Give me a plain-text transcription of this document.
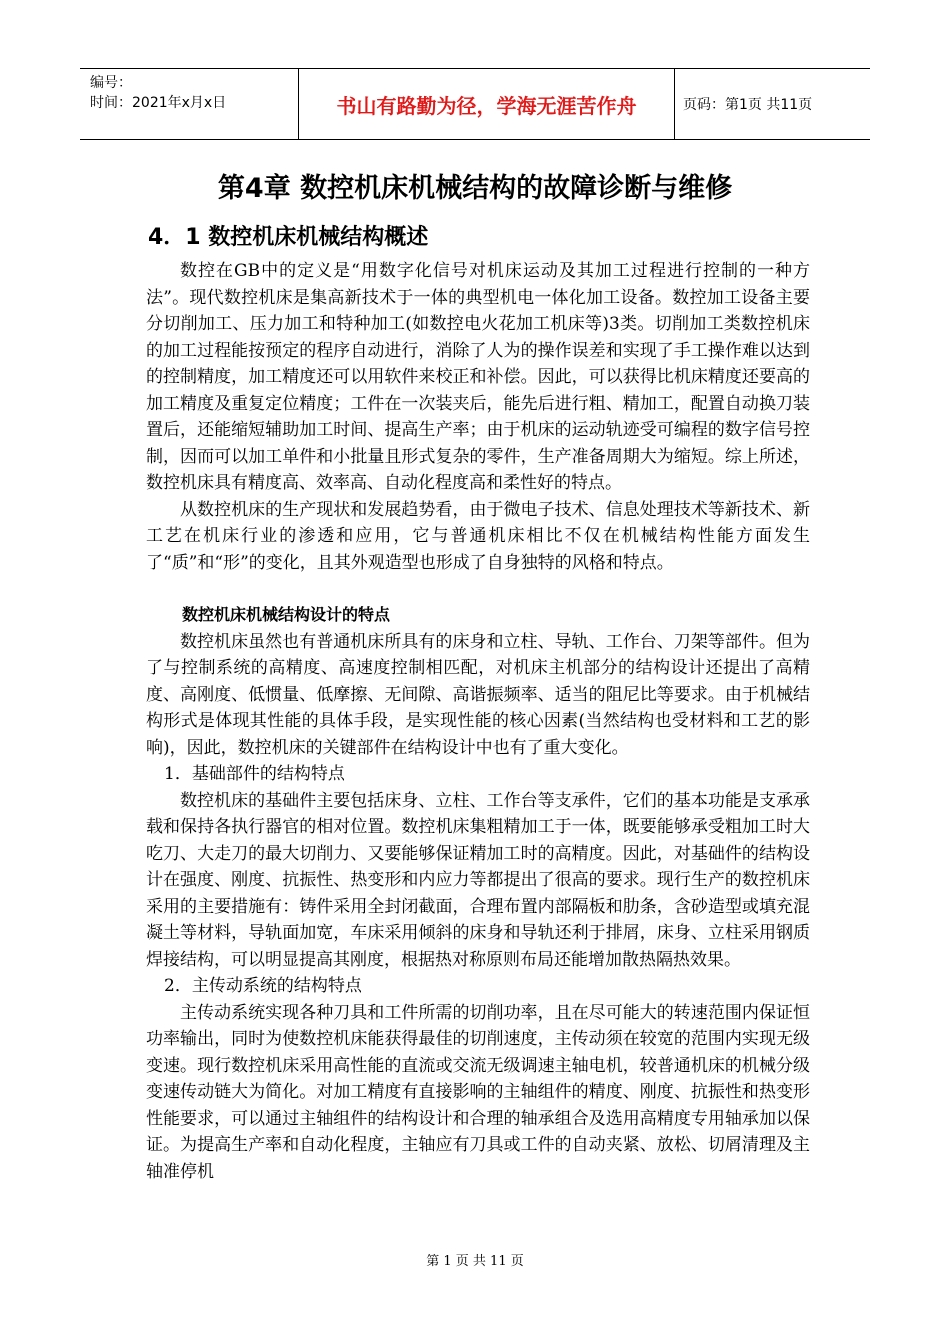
编号：
时间：2021年x月x日	书山有路勤为径，学海无涯苦作舟	页码：第1页 共11页
第4章 数控机床机械结构的故障诊断与维修
4．1 数控机床机械结构概述

数控在GB中的定义是“用数字化信号对机床运动及其加工过程进行控制的一种方法”。现代数控机床是集高新技术于一体的典型机电一体化加工设备。数控加工设备主要分切削加工、压力加工和特种加工(如数控电火花加工机床等)3类。切削加工类数控机床的加工过程能按预定的程序自动进行，消除了人为的操作误差和实现了手工操作难以达到的控制精度，加工精度还可以用软件来校正和补偿。因此，可以获得比机床精度还要高的加工精度及重复定位精度；工件在一次装夹后，能先后进行粗、精加工，配置自动换刀装置后，还能缩短辅助加工时间、提高生产率；由于机床的运动轨迹受可编程的数字信号控制，因而可以加工单件和小批量且形式复杂的零件，生产准备周期大为缩短。综上所述，数控机床具有精度高、效率高、自动化程度高和柔性好的特点。

从数控机床的生产现状和发展趋势看，由于微电子技术、信息处理技术等新技术、新工艺在机床行业的渗透和应用，它与普通机床相比不仅在机械结构性能方面发生了“质”和“形”的变化，且其外观造型也形成了自身独特的风格和特点。

数控机床机械结构设计的特点

数控机床虽然也有普通机床所具有的床身和立柱、导轨、工作台、刀架等部件。但为了与控制系统的高精度、高速度控制相匹配，对机床主机部分的结构设计还提出了高精度、高刚度、低惯量、低摩擦、无间隙、高谐振频率、适当的阻尼比等要求。由于机械结构形式是体现其性能的具体手段，是实现性能的核心因素(当然结构也受材料和工艺的影响)，因此，数控机床的关键部件在结构设计中也有了重大变化。

1．基础部件的结构特点

数控机床的基础件主要包括床身、立柱、工作台等支承件，它们的基本功能是支承承载和保持各执行器官的相对位置。数控机床集粗精加工于一体，既要能够承受粗加工时大吃刀、大走刀的最大切削力、又要能够保证精加工时的高精度。因此，对基础件的结构设计在强度、刚度、抗振性、热变形和内应力等都提出了很高的要求。现行生产的数控机床采用的主要措施有：铸件采用全封闭截面，合理布置内部隔板和肋条，含砂造型或填充混凝土等材料，导轨面加宽，车床采用倾斜的床身和导轨还利于排屑，床身、立柱采用钢质焊接结构，可以明显提高其刚度，根据热对称原则布局还能增加散热隔热效果。

2．主传动系统的结构特点

主传动系统实现各种刀具和工件所需的切削功率，且在尽可能大的转速范围内保证恒功率输出，同时为使数控机床能获得最佳的切削速度，主传动须在较宽的范围内实现无级变速。现行数控机床采用高性能的直流或交流无级调速主轴电机，较普通机床的机械分级变速传动链大为简化。对加工精度有直接影响的主轴组件的精度、刚度、抗振性和热变形性能要求，可以通过主轴组件的结构设计和合理的轴承组合及选用高精度专用轴承加以保证。为提高生产率和自动化程度，主轴应有刀具或工件的自动夹紧、放松、切屑清理及主轴准停机

第 1 页 共 11 页
